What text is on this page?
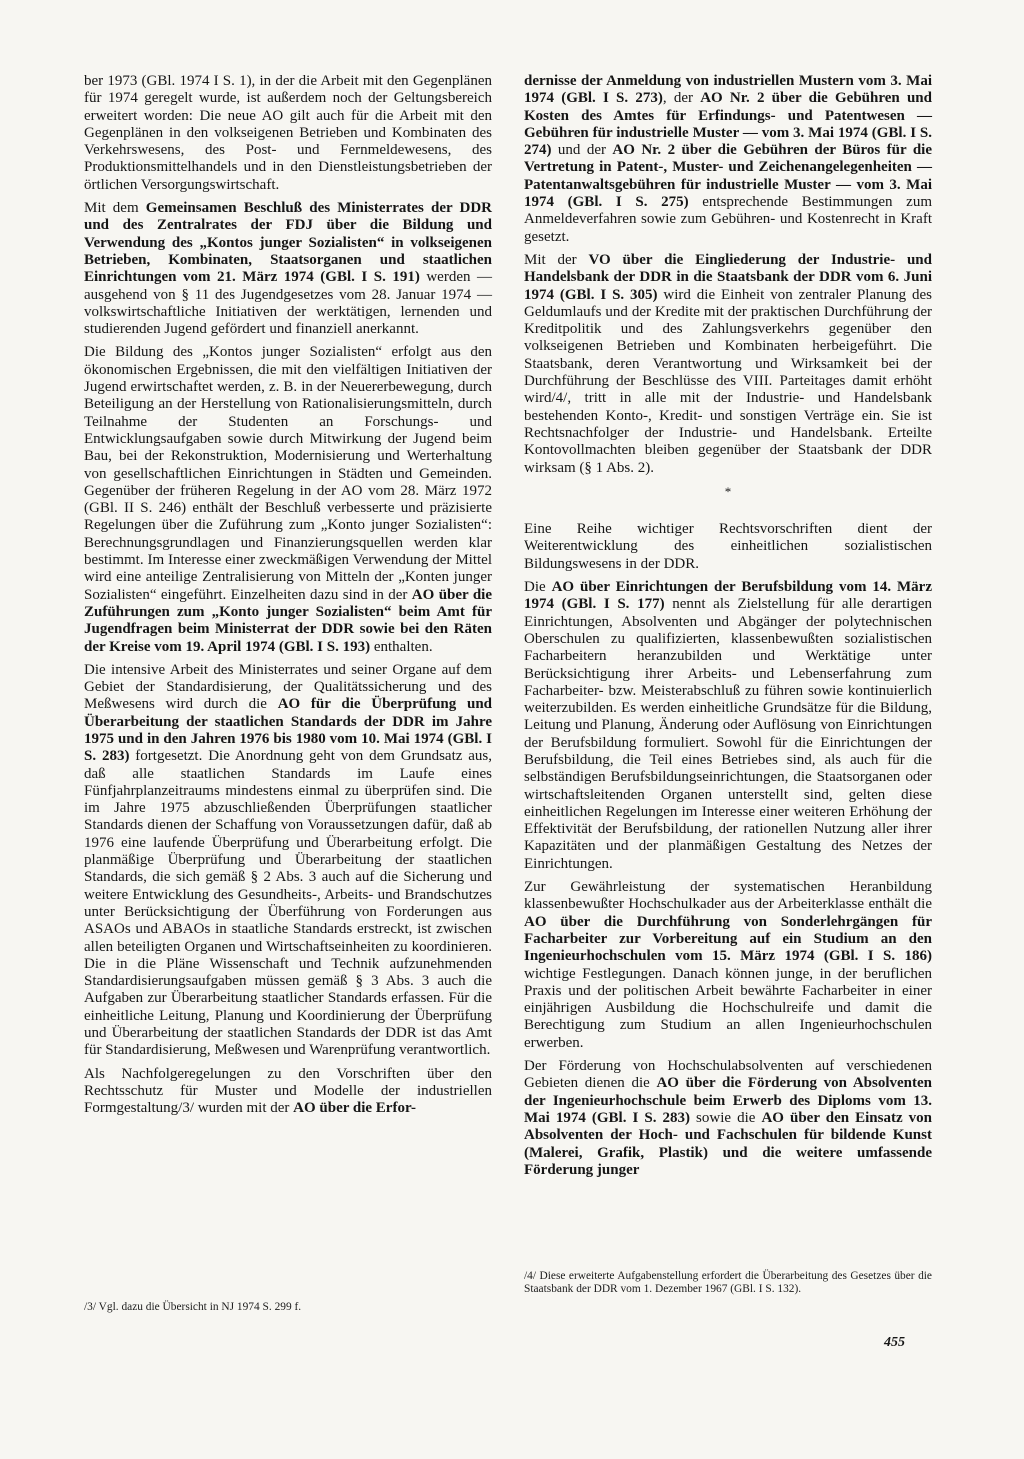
ber 1973 (GBl. 1974 I S. 1), in der die Arbeit mit den Gegenplänen für 1974 geregelt wurde, ist außerdem noch der Geltungsbereich erweitert worden: Die neue AO gilt auch für die Arbeit mit den Gegenplänen in den volkseigenen Betrieben und Kombinaten des Verkehrswesens, des Post- und Fernmeldewesens, des Produktionsmittelhandels und in den Dienstleistungsbetrieben der örtlichen Versorgungswirtschaft.

Mit dem Gemeinsamen Beschluß des Ministerrates der DDR und des Zentralrates der FDJ über die Bildung und Verwendung des „Kontos junger Sozialisten“ in volkseigenen Betrieben, Kombinaten, Staatsorganen und staatlichen Einrichtungen vom 21. März 1974 (GBl. I S. 191) werden — ausgehend von § 11 des Jugendgesetzes vom 28. Januar 1974 — volkswirtschaftliche Initiativen der werktätigen, lernenden und studierenden Jugend gefördert und finanziell anerkannt.

Die Bildung des „Kontos junger Sozialisten“ erfolgt aus den ökonomischen Ergebnissen, die mit den vielfältigen Initiativen der Jugend erwirtschaftet werden, z. B. in der Neuererbewegung, durch Beteiligung an der Herstellung von Rationalisierungsmitteln, durch Teilnahme der Studenten an Forschungs- und Entwicklungsaufgaben sowie durch Mitwirkung der Jugend beim Bau, bei der Rekonstruktion, Modernisierung und Werterhaltung von gesellschaftlichen Einrichtungen in Städten und Gemeinden. Gegenüber der früheren Regelung in der AO vom 28. März 1972 (GBl. II S. 246) enthält der Beschluß verbesserte und präzisierte Regelungen über die Zuführung zum „Konto junger Sozialisten“: Berechnungsgrundlagen und Finanzierungsquellen werden klar bestimmt. Im Interesse einer zweckmäßigen Verwendung der Mittel wird eine anteilige Zentralisierung von Mitteln der „Konten junger Sozialisten“ eingeführt. Einzelheiten dazu sind in der AO über die Zuführungen zum „Konto junger Sozialisten“ beim Amt für Jugendfragen beim Ministerrat der DDR sowie bei den Räten der Kreise vom 19. April 1974 (GBl. I S. 193) enthalten.

Die intensive Arbeit des Ministerrates und seiner Organe auf dem Gebiet der Standardisierung, der Qualitätssicherung und des Meßwesens wird durch die AO für die Überprüfung und Überarbeitung der staatlichen Standards der DDR im Jahre 1975 und in den Jahren 1976 bis 1980 vom 10. Mai 1974 (GBl. I S. 283) fortgesetzt. Die Anordnung geht von dem Grundsatz aus, daß alle staatlichen Standards im Laufe eines Fünfjahrplanzeitraums mindestens einmal zu überprüfen sind. Die im Jahre 1975 abzuschließenden Überprüfungen staatlicher Standards dienen der Schaffung von Voraussetzungen dafür, daß ab 1976 eine laufende Überprüfung und Überarbeitung erfolgt. Die planmäßige Überprüfung und Überarbeitung der staatlichen Standards, die sich gemäß § 2 Abs. 3 auch auf die Sicherung und weitere Entwicklung des Gesundheits-, Arbeits- und Brandschutzes unter Berücksichtigung der Überführung von Forderungen aus ASAOs und ABAOs in staatliche Standards erstreckt, ist zwischen allen beteiligten Organen und Wirtschaftseinheiten zu koordinieren. Die in die Pläne Wissenschaft und Technik aufzunehmenden Standardisierungsaufgaben müssen gemäß § 3 Abs. 3 auch die Aufgaben zur Überarbeitung staatlicher Standards erfassen. Für die einheitliche Leitung, Planung und Koordinierung der Überprüfung und Überarbeitung der staatlichen Standards der DDR ist das Amt für Standardisierung, Meßwesen und Warenprüfung verantwortlich.

Als Nachfolgeregelungen zu den Vorschriften über den Rechtsschutz für Muster und Modelle der industriellen Formgestaltung/3/ wurden mit der AO über die Erfor-

dernisse der Anmeldung von industriellen Mustern vom 3. Mai 1974 (GBl. I S. 273), der AO Nr. 2 über die Gebühren und Kosten des Amtes für Erfindungs- und Patentwesen — Gebühren für industrielle Muster — vom 3. Mai 1974 (GBl. I S. 274) und der AO Nr. 2 über die Gebühren der Büros für die Vertretung in Patent-, Muster- und Zeichenangelegenheiten — Patentanwaltsgebühren für industrielle Muster — vom 3. Mai 1974 (GBl. I S. 275) entsprechende Bestimmungen zum Anmeldeverfahren sowie zum Gebühren- und Kostenrecht in Kraft gesetzt.

Mit der VO über die Eingliederung der Industrie- und Handelsbank der DDR in die Staatsbank der DDR vom 6. Juni 1974 (GBl. I S. 305) wird die Einheit von zentraler Planung des Geldumlaufs und der Kredite mit der praktischen Durchführung der Kreditpolitik und des Zahlungsverkehrs gegenüber den volkseigenen Betrieben und Kombinaten herbeigeführt. Die Staatsbank, deren Verantwortung und Wirksamkeit bei der Durchführung der Beschlüsse des VIII. Parteitages damit erhöht wird/4/, tritt in alle mit der Industrie- und Handelsbank bestehenden Konto-, Kredit- und sonstigen Verträge ein. Sie ist Rechtsnachfolger der Industrie- und Handelsbank. Erteilte Kontovollmachten bleiben gegenüber der Staatsbank der DDR wirksam (§ 1 Abs. 2).

*

Eine Reihe wichtiger Rechtsvorschriften dient der Weiterentwicklung des einheitlichen sozialistischen Bildungswesens in der DDR.

Die AO über Einrichtungen der Berufsbildung vom 14. März 1974 (GBl. I S. 177) nennt als Zielstellung für alle derartigen Einrichtungen, Absolventen und Abgänger der polytechnischen Oberschulen zu qualifizierten, klassenbewußten sozialistischen Facharbeitern heranzubilden und Werktätige unter Berücksichtigung ihrer Arbeits- und Lebenserfahrung zum Facharbeiter- bzw. Meisterabschluß zu führen sowie kontinuierlich weiterzubilden. Es werden einheitliche Grundsätze für die Bildung, Leitung und Planung, Änderung oder Auflösung von Einrichtungen der Berufsbildung formuliert. Sowohl für die Einrichtungen der Berufsbildung, die Teil eines Betriebes sind, als auch für die selbständigen Berufsbildungseinrichtungen, die Staatsorganen oder wirtschaftsleitenden Organen unterstellt sind, gelten diese einheitlichen Regelungen im Interesse einer weiteren Erhöhung der Effektivität der Berufsbildung, der rationellen Nutzung aller ihrer Kapazitäten und der planmäßigen Gestaltung des Netzes der Einrichtungen.

Zur Gewährleistung der systematischen Heranbildung klassenbewußter Hochschulkader aus der Arbeiterklasse enthält die AO über die Durchführung von Sonderlehrgängen für Facharbeiter zur Vorbereitung auf ein Studium an den Ingenieurhochschulen vom 15. März 1974 (GBl. I S. 186) wichtige Festlegungen. Danach können junge, in der beruflichen Praxis und der politischen Arbeit bewährte Facharbeiter in einer einjährigen Ausbildung die Hochschulreife und damit die Berechtigung zum Studium an allen Ingenieurhochschulen erwerben.

Der Förderung von Hochschulabsolventen auf verschiedenen Gebieten dienen die AO über die Förderung von Absolventen der Ingenieurhochschule beim Erwerb des Diploms vom 13. Mai 1974 (GBl. I S. 283) sowie die AO über den Einsatz von Absolventen der Hoch- und Fachschulen für bildende Kunst (Malerei, Grafik, Plastik) und die weitere umfassende Förderung junger

/3/ Vgl. dazu die Übersicht in NJ 1974 S. 299 f.
/4/ Diese erweiterte Aufgabenstellung erfordert die Überarbeitung des Gesetzes über die Staatsbank der DDR vom 1. Dezember 1967 (GBl. I S. 132).
455
